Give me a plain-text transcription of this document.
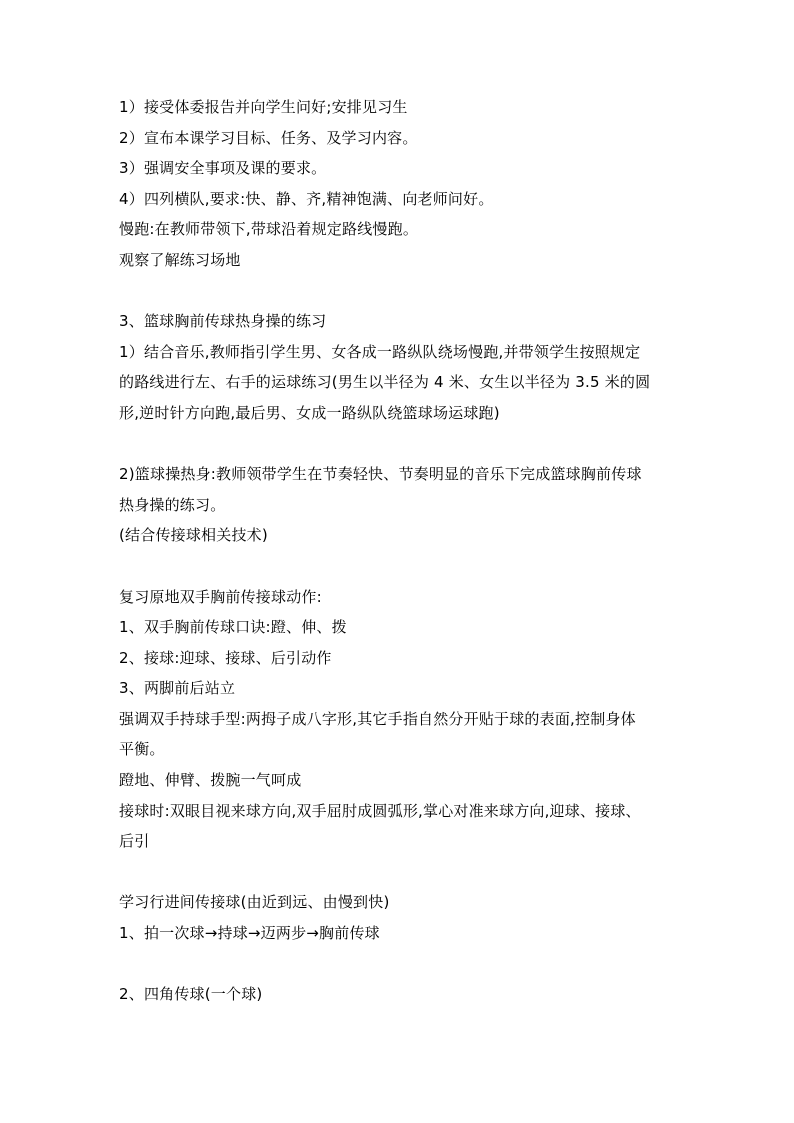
1）接受体委报告并向学生问好;安排见习生
2）宣布本课学习目标、任务、及学习内容。
3）强调安全事项及课的要求。
4）四列横队,要求:快、静、齐,精神饱满、向老师问好。
慢跑:在教师带领下,带球沿着规定路线慢跑。
观察了解练习场地
3、篮球胸前传球热身操的练习
1）结合音乐,教师指引学生男、女各成一路纵队绕场慢跑,并带领学生按照规定
的路线进行左、右手的运球练习(男生以半径为 4 米、女生以半径为 3.5 米的圆
形,逆时针方向跑,最后男、女成一路纵队绕篮球场运球跑)
2)篮球操热身:教师领带学生在节奏轻快、节奏明显的音乐下完成篮球胸前传球
热身操的练习。
(结合传接球相关技术)
复习原地双手胸前传接球动作:
1、双手胸前传球口诀:蹬、伸、拨
2、接球:迎球、接球、后引动作
3、两脚前后站立
强调双手持球手型:两拇子成八字形,其它手指自然分开贴于球的表面,控制身体
平衡。
蹬地、伸臂、拨腕一气呵成
接球时:双眼目视来球方向,双手屈肘成圆弧形,掌心对准来球方向,迎球、接球、
后引
学习行进间传接球(由近到远、由慢到快)
1、拍一次球→持球→迈两步→胸前传球
2、四角传球(一个球)
